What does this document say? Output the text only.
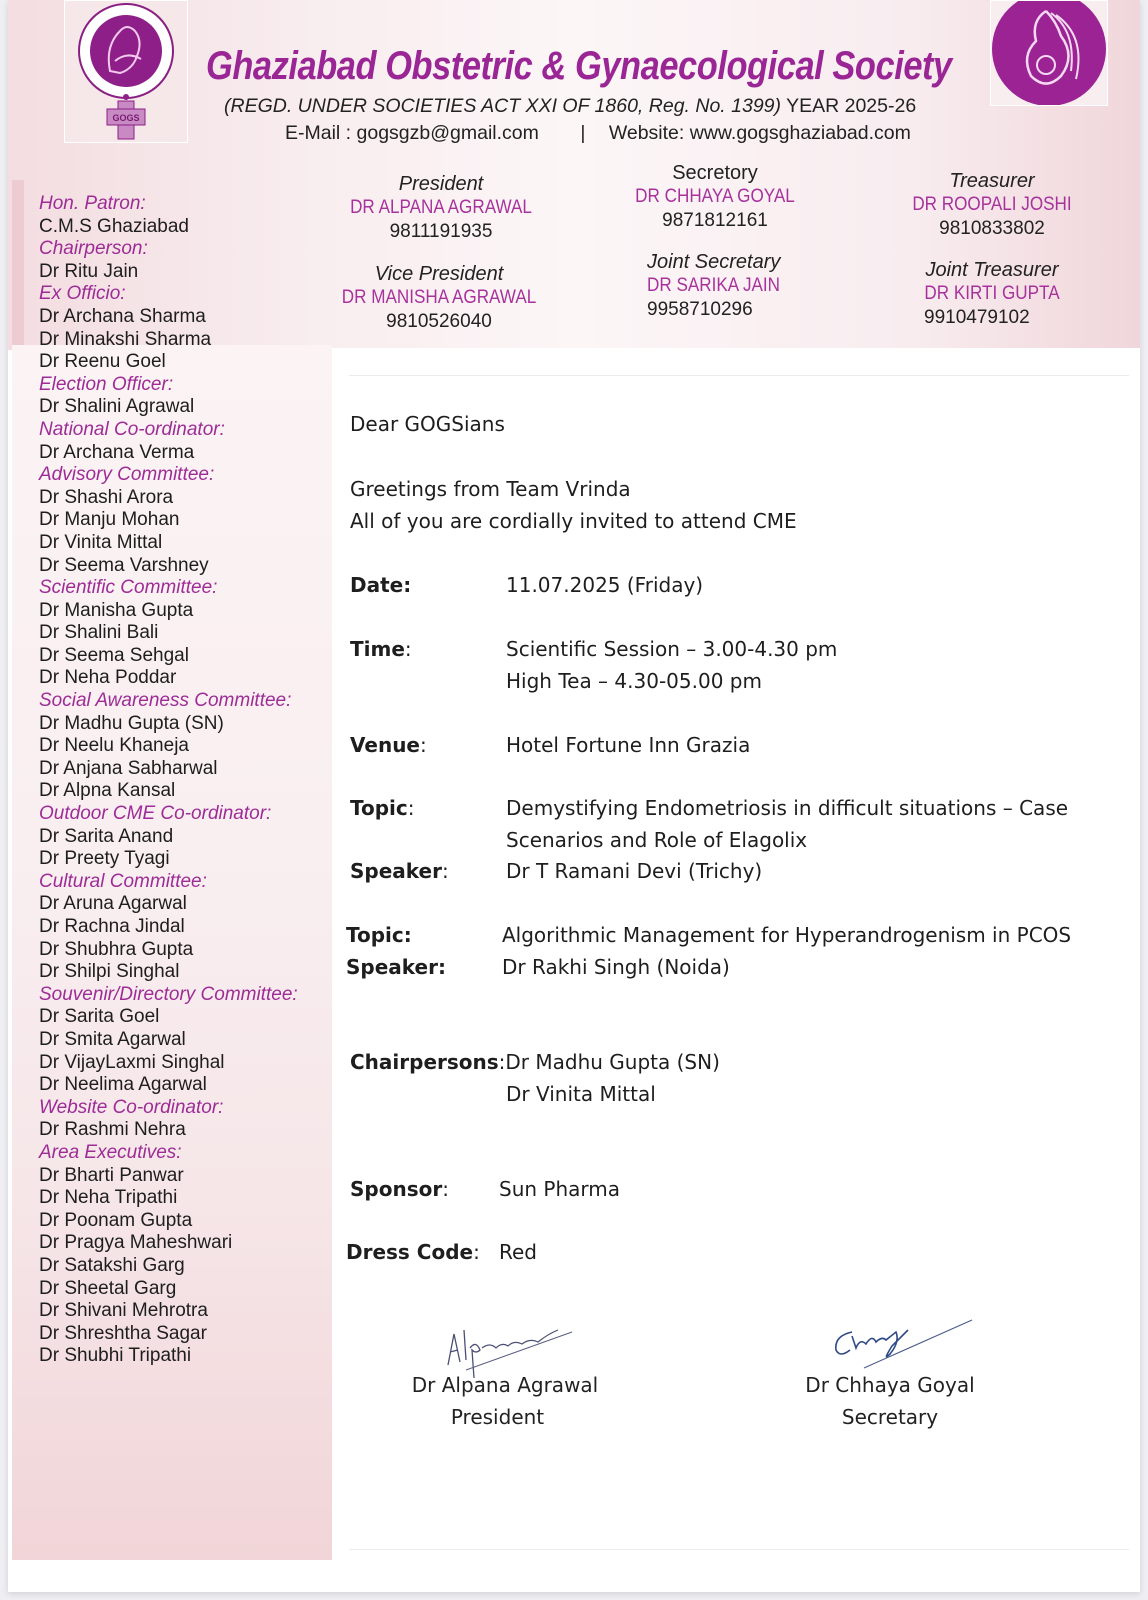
GOGS
Ghaziabad Obstetric & Gynaecological Society
(REGD. UNDER SOCIETIES ACT XXI OF 1860, Reg. No. 1399) YEAR 2025-26
E-Mail : gogsgzb@gmail.com | Website: www.gogsghaziabad.com
President
DR ALPANA AGRAWAL
9811191935
Secretory
DR CHHAYA GOYAL
9871812161
Treasurer
DR ROOPALI JOSHI
9810833802
Vice President
DR MANISHA AGRAWAL
9810526040
Joint Secretary
DR SARIKA JAIN
9958710296
Joint Treasurer
DR KIRTI GUPTA
9910479102
Hon. Patron:
C.M.S Ghaziabad
Chairperson:
Dr Ritu Jain
Ex Officio:
Dr Archana Sharma
Dr Minakshi Sharma
Dr Reenu Goel
Election Officer:
Dr Shalini Agrawal
National Co-ordinator:
Dr Archana Verma
Advisory Committee:
Dr Shashi Arora
Dr Manju Mohan
Dr Vinita Mittal
Dr Seema Varshney
Scientific Committee:
Dr Manisha Gupta
Dr Shalini Bali
Dr Seema Sehgal
Dr Neha Poddar
Social Awareness Committee:
Dr Madhu Gupta (SN)
Dr Neelu Khaneja
Dr Anjana Sabharwal
Dr Alpna Kansal
Outdoor CME Co-ordinator:
Dr Sarita Anand
Dr Preety Tyagi
Cultural Committee:
Dr Aruna Agarwal
Dr Rachna Jindal
Dr Shubhra Gupta
Dr Shilpi Singhal
Souvenir/Directory Committee:
Dr Sarita Goel
Dr Smita Agarwal
Dr VijayLaxmi Singhal
Dr Neelima Agarwal
Website Co-ordinator:
Dr Rashmi Nehra
Area Executives:
Dr Bharti Panwar
Dr Neha Tripathi
Dr Poonam Gupta
Dr Pragya Maheshwari
Dr Satakshi Garg
Dr Sheetal Garg
Dr Shivani Mehrotra
Dr Shreshtha Sagar
Dr Shubhi Tripathi
Dear GOGSians
Greetings from Team Vrinda
All of you are cordially invited to attend CME
Date:	11.07.2025 (Friday)
Time:	Scientific Session – 3.00-4.30 pm
High Tea – 4.30-05.00 pm
Venue:	Hotel Fortune Inn Grazia
Topic:	Demystifying Endometriosis in difficult situations – Case
Scenarios and Role of Elagolix
Speaker:	Dr T Ramani Devi (Trichy)
Topic:	Algorithmic Management for Hyperandrogenism in PCOS
Speaker:	Dr Rakhi Singh (Noida)
Chairpersons:Dr Madhu Gupta (SN)
Dr Vinita Mittal
Sponsor:	Sun Pharma
Dress Code: Red
Dr Alpana Agrawal
President
Dr Chhaya Goyal
Secretary
